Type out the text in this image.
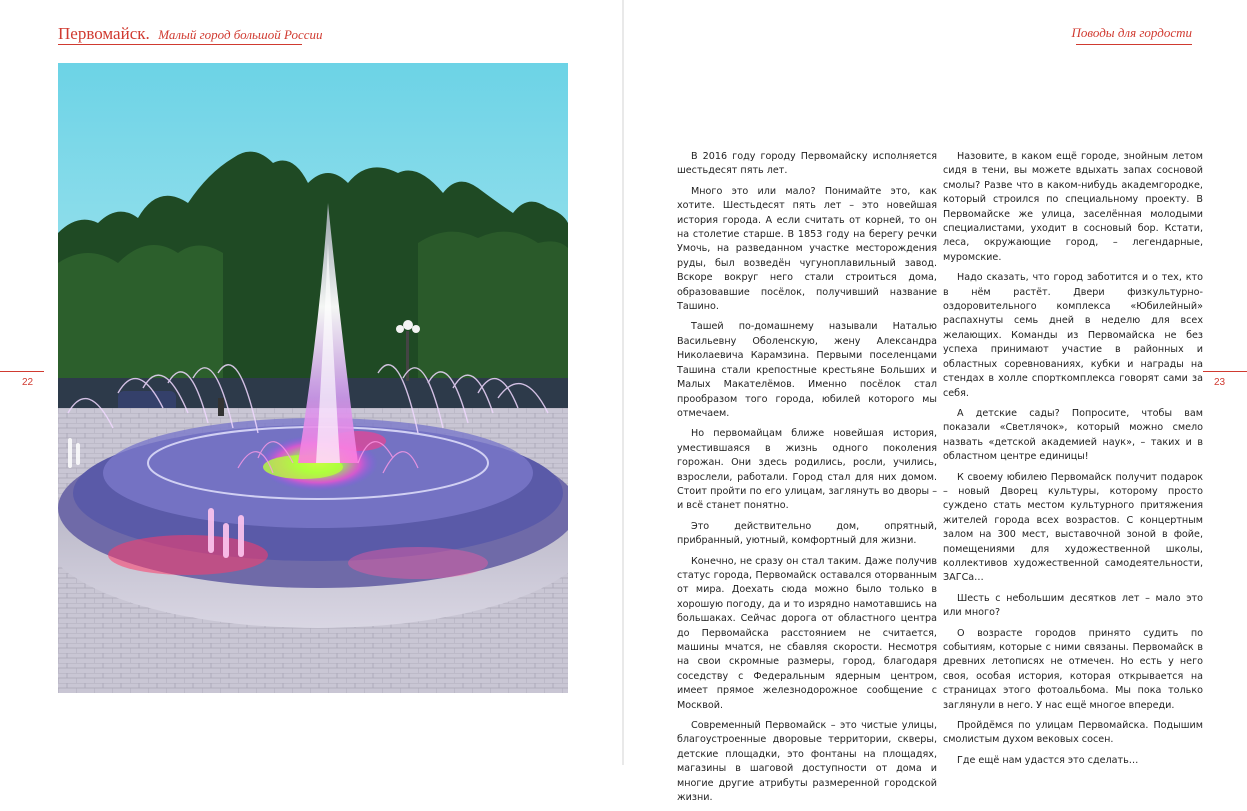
Первомайск. Малый город большой России	Поводы для гордости
22	23

В 2016 году городу Первомайску исполняется шестьдесят пять лет.

Много это или мало? Понимайте это, как хотите. Шестьдесят пять лет – это новейшая история города. А если считать от корней, то он на столетие старше. В 1853 году на берегу речки Умочь, на разведанном участке месторождения руды, был возведён чугуноплавильный завод. Вскоре вокруг него стали строиться дома, образовавшие посёлок, получивший название Ташино.

Ташей по-домашнему называли Наталью Васильевну Оболенскую, жену Александра Николаевича Карамзина. Первыми поселенцами Ташина стали крепостные крестьяне Больших и Малых Макателёмов. Именно посёлок стал прообразом того города, юбилей которого мы отмечаем.

Но первомайцам ближе новейшая история, уместившаяся в жизнь одного поколения горожан. Они здесь родились, росли, учились, взрослели, работали. Город стал для них домом. Стоит пройти по его улицам, заглянуть во дворы – и всё станет понятно.

Это действительно дом, опрятный, прибранный, уютный, комфортный для жизни.

Конечно, не сразу он стал таким. Даже получив статус города, Первомайск оставался оторванным от мира. Доехать сюда можно было только в хорошую погоду, да и то изрядно намотавшись на большаках. Сейчас дорога от областного центра до Первомайска расстоянием не считается, машины мчатся, не сбавляя скорости. Несмотря на свои скромные размеры, город, благодаря соседству с Федеральным ядерным центром, имеет прямое железнодорожное сообщение с Москвой.

Современный Первомайск – это чистые улицы, благоустроенные дворовые территории, скверы, детские площадки, это фонтаны на площадях, магазины в шаговой доступности от дома и многие другие атрибуты размеренной городской жизни.

Назовите, в каком ещё городе, знойным летом сидя в тени, вы можете вдыхать запах сосновой смолы? Разве что в каком-нибудь академгородке, который строился по специальному проекту. В Первомайске же улица, заселённая молодыми специалистами, уходит в сосновый бор. Кстати, леса, окружающие город, – легендарные, муромские.

Надо сказать, что город заботится и о тех, кто в нём растёт. Двери физкультурно-оздоровительного комплекса «Юбилейный» распахнуты семь дней в неделю для всех желающих. Команды из Первомайска не без успеха принимают участие в районных и областных соревнованиях, кубки и награды на стендах в холле спорткомплекса говорят сами за себя.

А детские сады? Попросите, чтобы вам показали «Светлячок», который можно смело назвать «детской академией наук», – таких и в областном центре единицы!

К своему юбилею Первомайск получит подарок – новый Дворец культуры, которому просто суждено стать местом культурного притяжения жителей города всех возрастов. С концертным залом на 300 мест, выставочной зоной в фойе, помещениями для художественной школы, коллективов художественной самодеятельности, ЗАГСа…

Шесть с небольшим десятков лет – мало это или много?

О возрасте городов принято судить по событиям, которые с ними связаны. Первомайск в древних летописях не отмечен. Но есть у него своя, особая история, которая открывается на страницах этого фотоальбома. Мы пока только заглянули в него. У нас ещё многое впереди.

Пройдёмся по улицам Первомайска. Подышим смолистым духом вековых сосен.

Где ещё нам удастся это сделать…
